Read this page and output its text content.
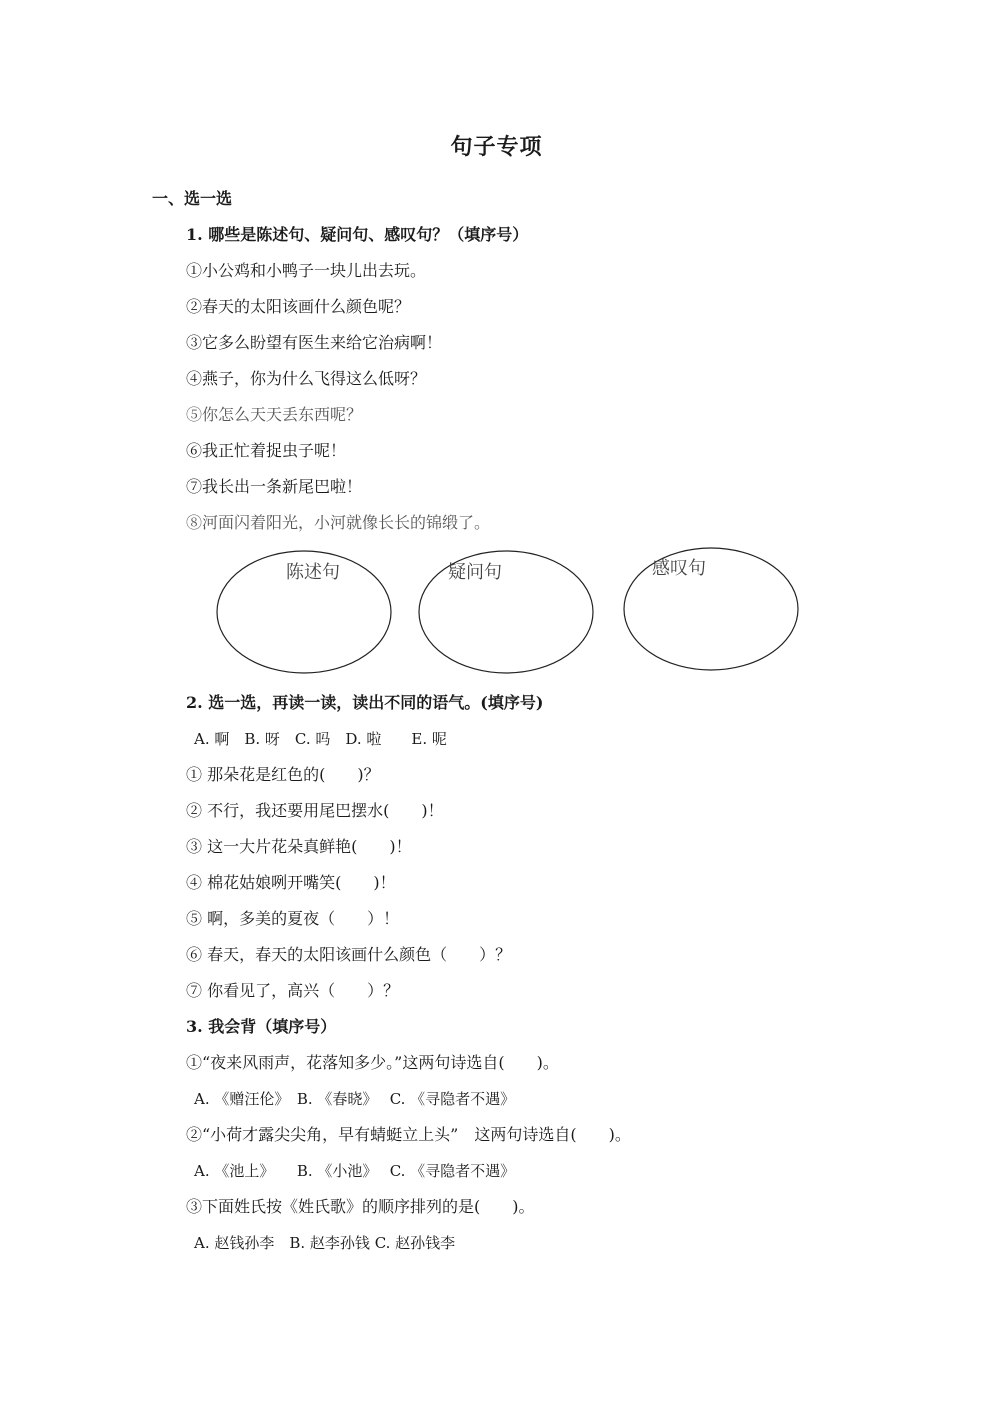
句子专项
一、选一选
1. 哪些是陈述句、疑问句、感叹句？（填序号）
①小公鸡和小鸭子一块儿出去玩。
②春天的太阳该画什么颜色呢？
③它多么盼望有医生来给它治病啊！
④燕子，你为什么飞得这么低呀？
⑤你怎么天天丢东西呢？
⑥我正忙着捉虫子呢！
⑦我长出一条新尾巴啦！
⑧河面闪着阳光，小河就像长长的锦缎了。
陈述句	疑问句	感叹句
2. 选一选，再读一读，读出不同的语气。(填序号)
A. 啊　B. 呀　C. 吗　D. 啦　　E. 呢
① 那朵花是红色的(　　)？
② 不行，我还要用尾巴摆水(　　)！
③ 这一大片花朵真鲜艳(　　)！
④ 棉花姑娘咧开嘴笑(　　)！
⑤ 啊，多美的夏夜（　　）！
⑥ 春天，春天的太阳该画什么颜色（　　）？
⑦ 你看见了，高兴（　　）？
3. 我会背（填序号）
①“夜来风雨声，花落知多少。”这两句诗选自(　　)。
A. 《赠汪伦》　B. 《春晓》　 C. 《寻隐者不遇》
②“小荷才露尖尖角，早有蜻蜓立上头”　这两句诗选自(　　)。
A. 《池上》　　B. 《小池》　 C. 《寻隐者不遇》
③下面姓氏按《姓氏歌》的顺序排列的是(　　)。
A. 赵钱孙李　B. 赵李孙钱 C. 赵孙钱李
